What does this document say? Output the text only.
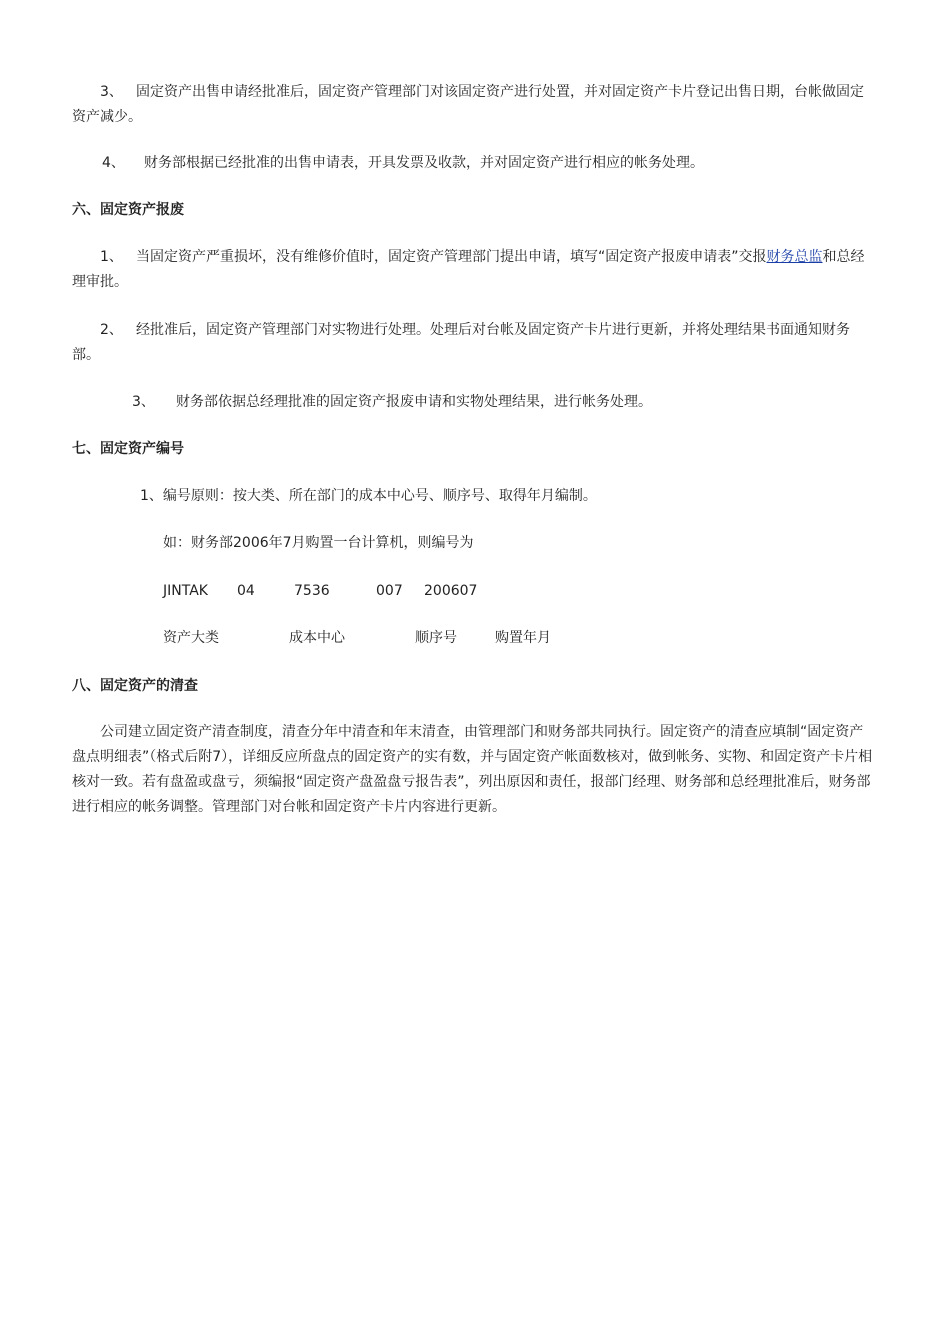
3、 固定资产出售申请经批准后，固定资产管理部门对该固定资产进行处置，并对固定资产卡片登记出售日期，台帐做固定资产减少。

4、 财务部根据已经批准的出售申请表，开具发票及收款，并对固定资产进行相应的帐务处理。

六、固定资产报废

1、 当固定资产严重损坏，没有维修价值时，固定资产管理部门提出申请，填写“固定资产报废申请表”交报财务总监和总经理审批。

2、 经批准后，固定资产管理部门对实物进行处理。处理后对台帐及固定资产卡片进行更新，并将处理结果书面通知财务部。

3、 财务部依据总经理批准的固定资产报废申请和实物处理结果，进行帐务处理。

七、固定资产编号
1、编号原则：按大类、所在部门的成本中心号、顺序号、取得年月编制。
如：财务部2006年7月购置一台计算机，则编号为
JINTAK 04	7536	007 200607
资产大类	成本中心	顺序号	购置年月
八、固定资产的清查

公司建立固定资产清查制度，清查分年中清查和年末清查，由管理部门和财务部共同执行。固定资产的清查应填制“固定资产盘点明细表”（格式后附7），详细反应所盘点的固定资产的实有数，并与固定资产帐面数核对，做到帐务、实物、和固定资产卡片相核对一致。若有盘盈或盘亏，须编报“固定资产盘盈盘亏报告表”，列出原因和责任，报部门经理、财务部和总经理批准后，财务部进行相应的帐务调整。管理部门对台帐和固定资产卡片内容进行更新。
